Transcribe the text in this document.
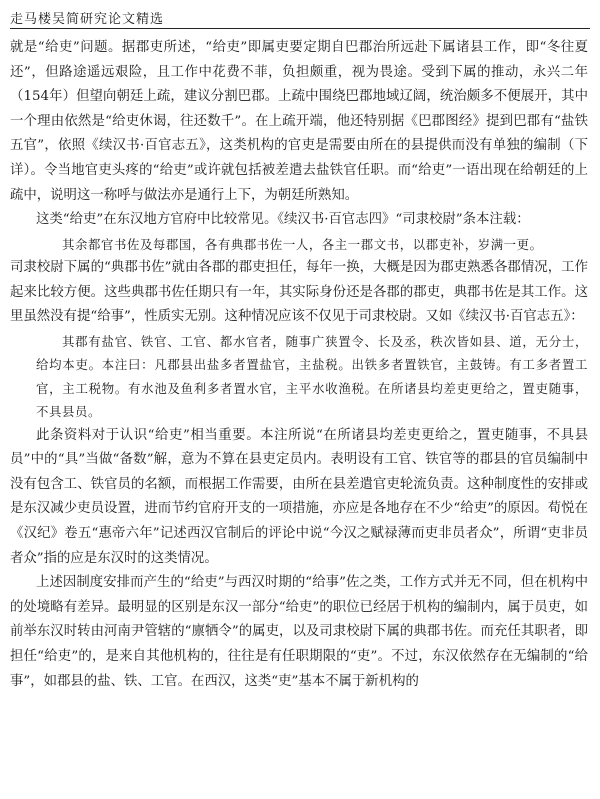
走马楼吴简研究论文精选

就是“给吏”问题。据郡吏所述，“给吏”即属吏要定期自巴郡治所远赴下属诸县工作，即“冬往夏还”，但路途遥远艰险，且工作中花费不菲，负担颇重，视为畏途。受到下属的推动，永兴二年（154年）但望向朝廷上疏，建议分割巴郡。上疏中围绕巴郡地域辽阔，统治颇多不便展开，其中一个理由依然是“给吏休谒，往还数千”。在上疏开端，他还特别据《巴郡图经》提到巴郡有“盐铁五官”，依照《续汉书·百官志五》，这类机构的官吏是需要由所在的县提供而没有单独的编制（下详）。令当地官吏头疼的“给吏”或许就包括被差遣去盐铁官任职。而“给吏”一语出现在给朝廷的上疏中，说明这一称呼与做法亦是通行上下，为朝廷所熟知。

这类“给吏”在东汉地方官府中比较常见。《续汉书·百官志四》“司隶校尉”条本注载：

其余都官书佐及每郡国，各有典郡书佐一人，各主一郡文书，以郡吏补，岁满一更。

司隶校尉下属的“典郡书佐”就由各郡的郡吏担任，每年一换，大概是因为郡吏熟悉各郡情况，工作起来比较方便。这些典郡书佐任期只有一年，其实际身份还是各郡的郡吏，典郡书佐是其工作。这里虽然没有提“给事”，性质实无别。这种情况应该不仅见于司隶校尉。又如《续汉书·百官志五》：

其郡有盐官、铁官、工官、都水官者，随事广狭置令、长及丞，秩次皆如县、道，无分士，给均本吏。本注曰：凡郡县出盐多者置盐官，主盐税。出铁多者置铁官，主鼓铸。有工多者置工官，主工税物。有水池及鱼利多者置水官，主平水收渔税。在所诸县均差吏更给之，置吏随事，不具县员。

此条资料对于认识“给吏”相当重要。本注所说“在所诸县均差吏更给之，置吏随事，不具县员”中的“具”当做“备数”解，意为不算在县吏定员内。表明设有工官、铁官等的郡县的官员编制中没有包含工、铁官员的名额，而根据工作需要，由所在县差遣官吏轮流负责。这种制度性的安排或是东汉减少吏员设置，进而节约官府开支的一项措施，亦应是各地存在不少“给吏”的原因。荀悦在《汉纪》卷五“惠帝六年”记述西汉官制后的评论中说“今汉之赋禄薄而吏非员者众”，所谓“吏非员者众”指的应是东汉时的这类情况。

上述因制度安排而产生的“给吏”与西汉时期的“给事”佐之类，工作方式并无不同，但在机构中的处境略有差异。最明显的区别是东汉一部分“给吏”的职位已经居于机构的编制内，属于员吏，如前举东汉时转由河南尹管辖的“廪牺令”的属吏，以及司隶校尉下属的典郡书佐。而充任其职者，即担任“给吏”的，是来自其他机构的，往往是有任职期限的“吏”。不过，东汉依然存在无编制的“给事”，如郡县的盐、铁、工官。在西汉，这类“吏”基本不属于新机构的
